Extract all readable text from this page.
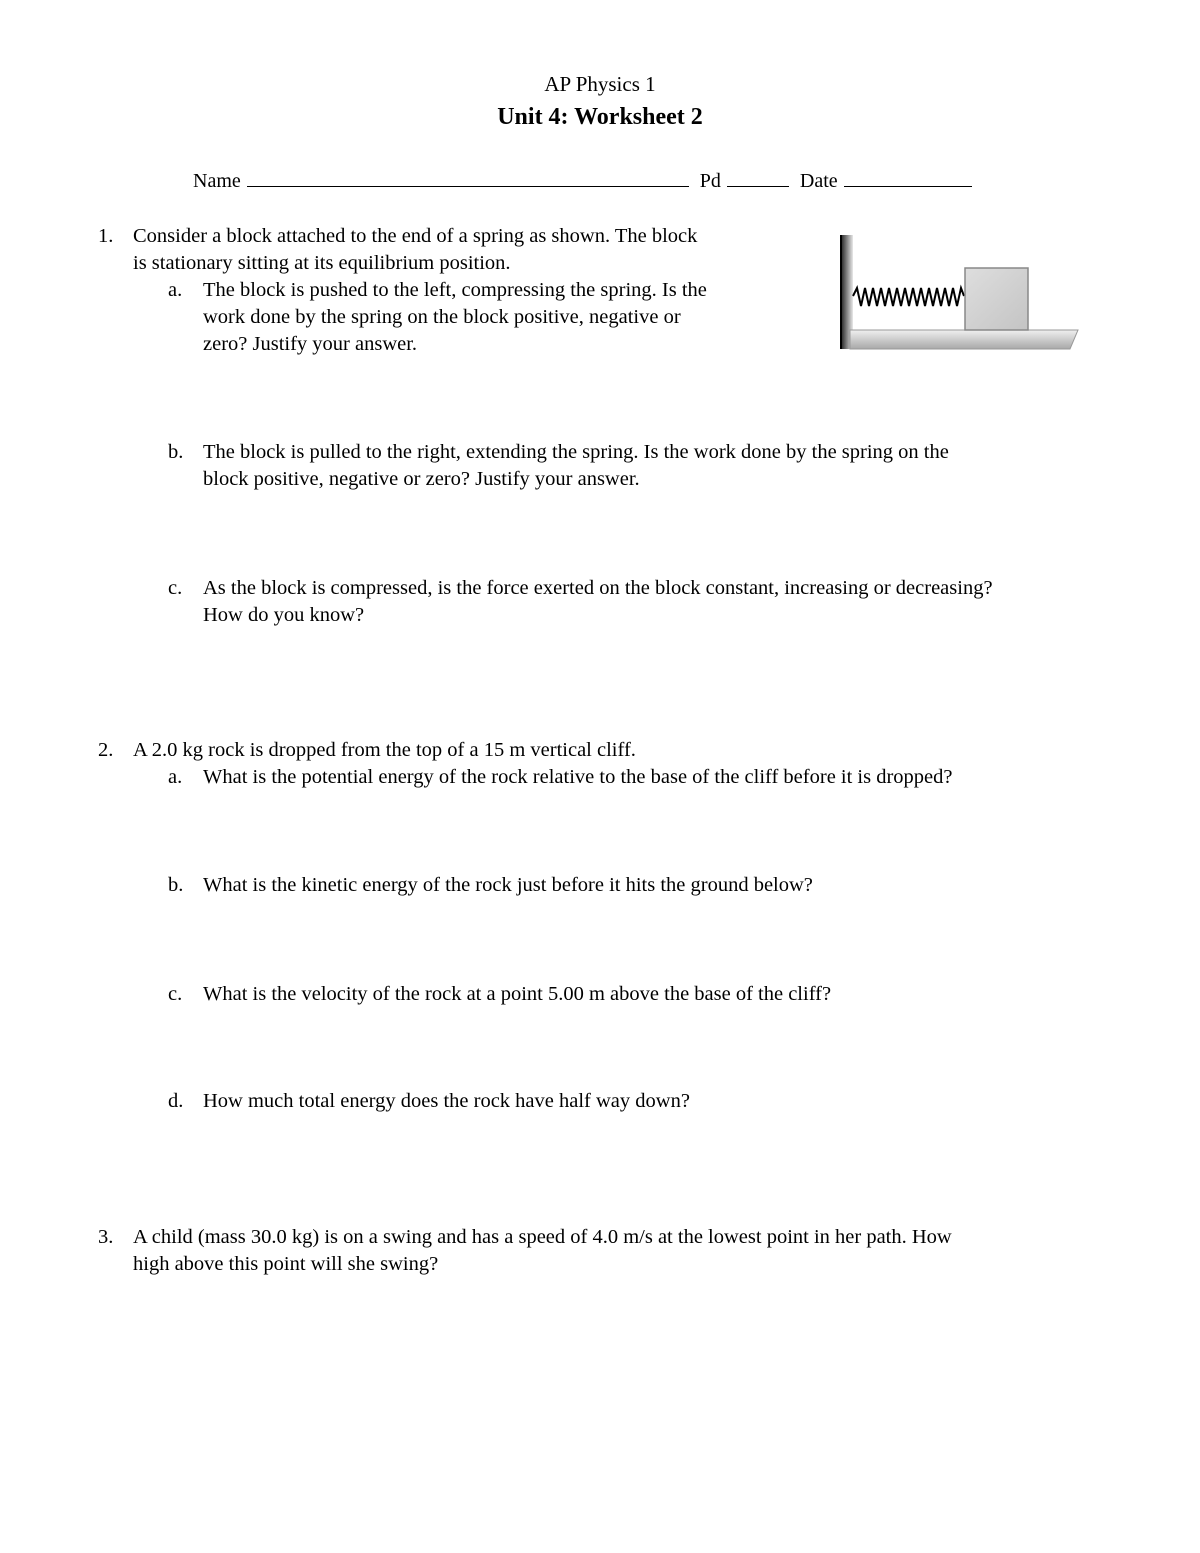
AP Physics 1
Unit 4: Worksheet 2
Name	Pd	Date
1. Consider a block attached to the end of a spring as shown. The block
is stationary sitting at its equilibrium position.
a. The block is pushed to the left, compressing the spring. Is the
work done by the spring on the block positive, negative or
zero? Justify your answer.
b. The block is pulled to the right, extending the spring. Is the work done by the spring on the
block positive, negative or zero? Justify your answer.
c. As the block is compressed, is the force exerted on the block constant, increasing or decreasing?
How do you know?
2. A 2.0 kg rock is dropped from the top of a 15 m vertical cliff.
a. What is the potential energy of the rock relative to the base of the cliff before it is dropped?
b. What is the kinetic energy of the rock just before it hits the ground below?
c. What is the velocity of the rock at a point 5.00 m above the base of the cliff?
d. How much total energy does the rock have half way down?
3. A child (mass 30.0 kg) is on a swing and has a speed of 4.0 m/s at the lowest point in her path. How
high above this point will she swing?
